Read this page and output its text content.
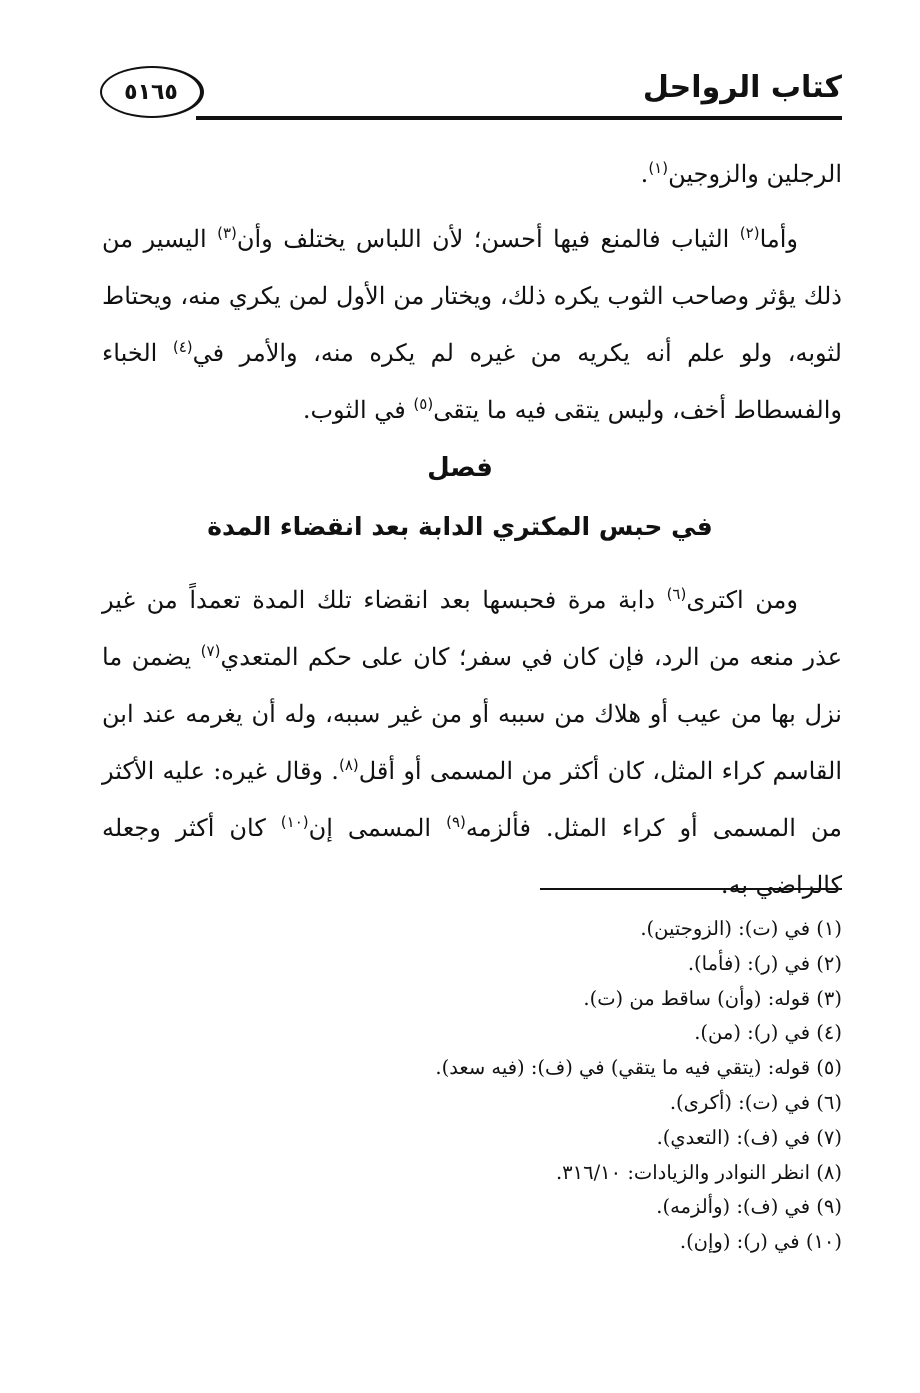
٥١٦٥	كتاب الرواحل
الرجلين والزوجين$^{(١)}$.
وأما$^{(٢)}$ الثياب فالمنع فيها أحسن؛ لأن اللباس يختلف وأن$^{(٣)}$ اليسير من ذلك يؤثر وصاحب الثوب يكره ذلك، ويختار من الأول لمن يكري منه، ويحتاط لثوبه، ولو علم أنه يكريه من غيره لم يكره منه، والأمر في$^{(٤)}$ الخباء والفسطاط أخف، وليس يتقى فيه ما يتقى$^{(٥)}$ في الثوب.
فصل
في حبس المكتري الدابة بعد انقضاء المدة
ومن اكترى$^{(٦)}$ دابة مرة فحبسها بعد انقضاء تلك المدة تعمداً من غير عذر منعه من الرد، فإن كان في سفر؛ كان على حكم المتعدي$^{(٧)}$ يضمن ما نزل بها من عيب أو هلاك من سببه أو من غير سببه، وله أن يغرمه عند ابن القاسم كراء المثل، كان أكثر من المسمى أو أقل$^{(٨)}$. وقال غيره: عليه الأكثر من المسمى أو كراء المثل. فألزمه$^{(٩)}$ المسمى إن$^{(١٠)}$ كان أكثر وجعله كالراضي به.
(١) في (ت): (الزوجتين).
(٢) في (ر): (فأما).
(٣) قوله: (وأن) ساقط من (ت).
(٤) في (ر): (من).
(٥) قوله: (يتقي فيه ما يتقي) في (ف): (فيه سعد).
(٦) في (ت): (أكرى).
(٧) في (ف): (التعدي).
(٨) انظر النوادر والزيادات: ٣١٦/١٠.
(٩) في (ف): (وألزمه).
(١٠) في (ر): (وإن).
